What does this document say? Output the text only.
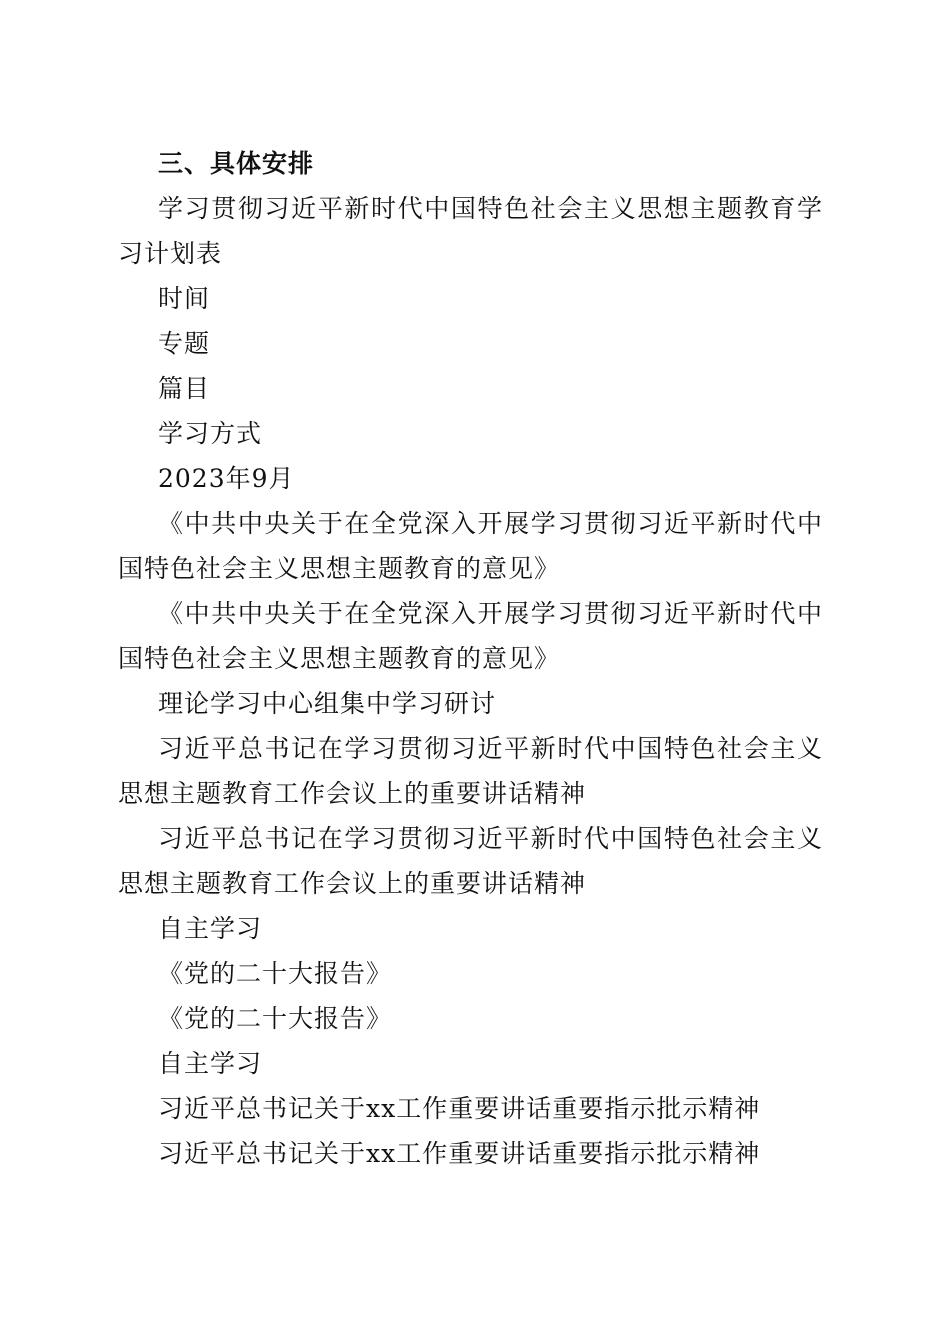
三、具体安排

学习贯彻习近平新时代中国特色社会主义思想主题教育学习计划表

时间

专题

篇目

学习方式

2023年9月

《中共中央关于在全党深入开展学习贯彻习近平新时代中国特色社会主义思想主题教育的意见》

《中共中央关于在全党深入开展学习贯彻习近平新时代中国特色社会主义思想主题教育的意见》

理论学习中心组集中学习研讨

习近平总书记在学习贯彻习近平新时代中国特色社会主义思想主题教育工作会议上的重要讲话精神

习近平总书记在学习贯彻习近平新时代中国特色社会主义思想主题教育工作会议上的重要讲话精神

自主学习

《党的二十大报告》

《党的二十大报告》

自主学习

习近平总书记关于xx工作重要讲话重要指示批示精神

习近平总书记关于xx工作重要讲话重要指示批示精神
